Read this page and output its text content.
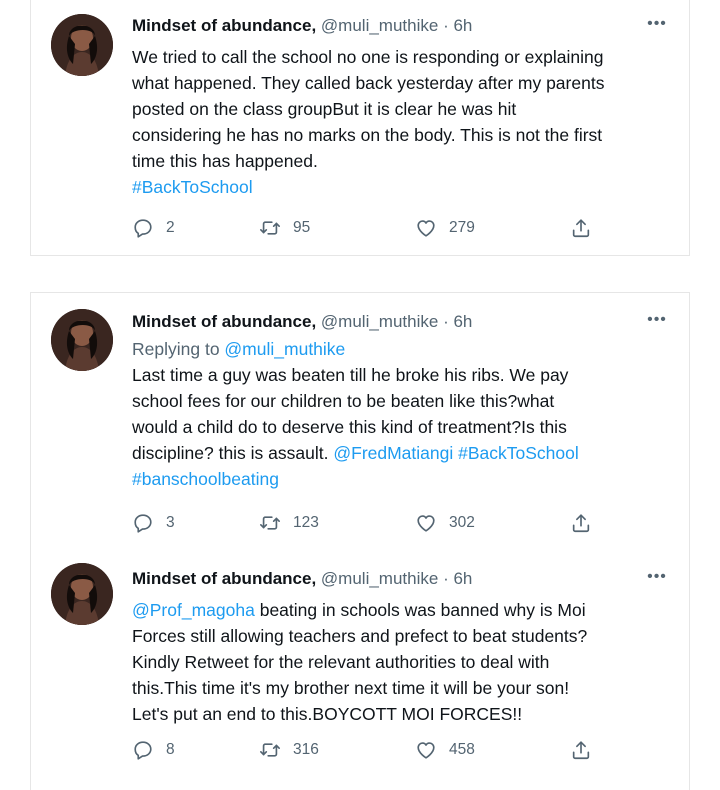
Mindset of abundance, @muli_muthike · 6h	•••
We tried to call the school no one is responding or explaining
what happened. They called back yesterday after my parents
posted on the class groupBut it is clear he was hit
considering he has no marks on the body. This is not the first
time this has happened.
#BackToSchool
2	95	279
Mindset of abundance, @muli_muthike · 6h	•••
Replying to @muli_muthike
Last time a guy was beaten till he broke his ribs. We pay
school fees for our children to be beaten like this?what
would a child do to deserve this kind of treatment?Is this
discipline? this is assault. @FredMatiangi #BackToSchool
#banschoolbeating
3	123	302
Mindset of abundance, @muli_muthike · 6h	•••
@Prof_magoha beating in schools was banned why is Moi
Forces still allowing teachers and prefect to beat students?
Kindly Retweet for the relevant authorities to deal with
this.This time it's my brother next time it will be your son!
Let's put an end to this.BOYCOTT MOI FORCES!!
8	316	458
